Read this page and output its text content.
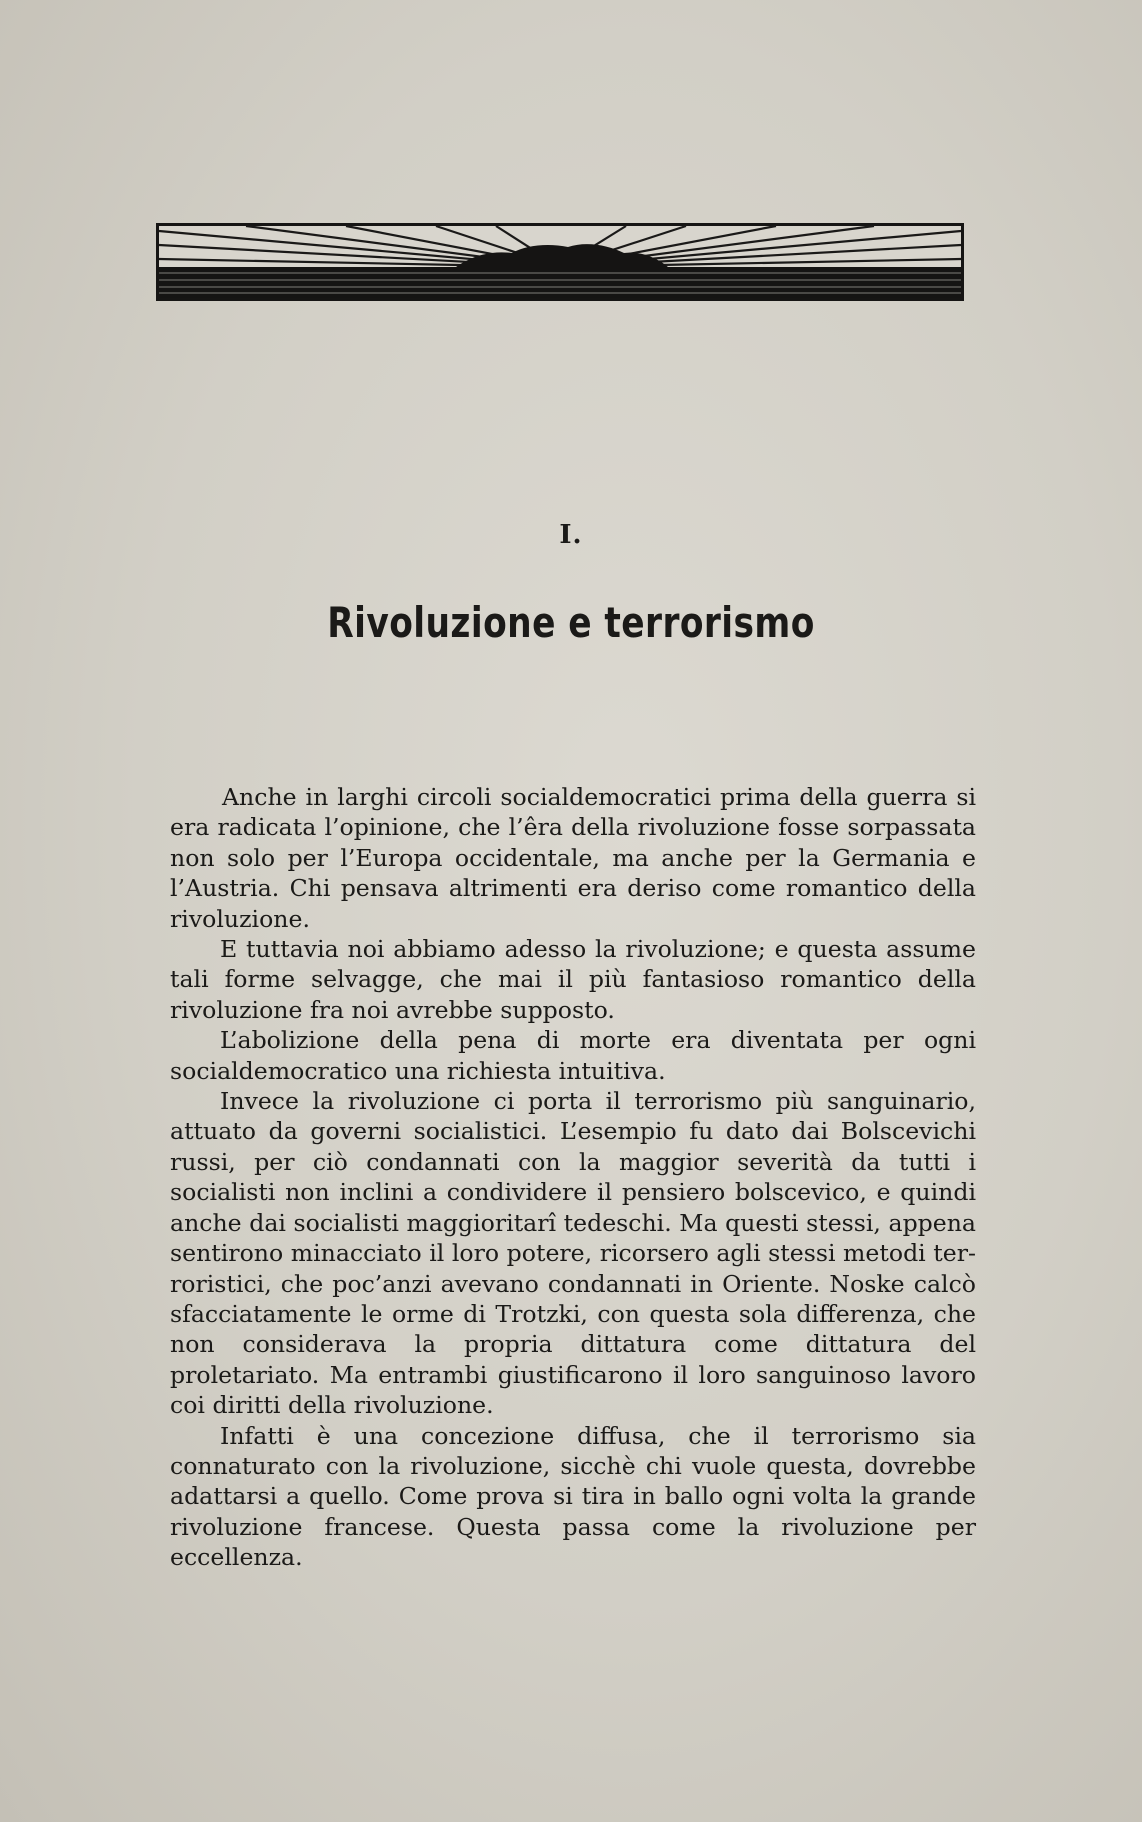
I.
Rivoluzione e terrorismo

Anche in larghi circoli socialdemocratici prima della guerra si era radicata l’opinione, che l’êra della rivoluzione fosse sorpassata non solo per l’Europa occidentale, ma anche per la Germania e l’Austria. Chi pensava altrimenti era deriso come romantico della rivoluzione.

E tuttavia noi abbiamo adesso la rivoluzione; e questa assume tali forme selvagge, che mai il più fantasioso romantico della rivoluzione fra noi avrebbe supposto.

L’abolizione della pena di morte era diventata per ogni socialdemocratico una richiesta intuitiva.

Invece la rivoluzione ci porta il terrorismo più sanguinario, attuato da governi socialistici. L’esempio fu dato dai Bolscevichi russi, per ciò condannati con la maggior severità da tutti i socialisti non inclini a condividere il pensiero bolscevico, e quindi anche dai socialisti maggioritarî tedeschi. Ma questi stessi, appena sentirono minacciato il loro potere, ricorsero agli stessi metodi terroristici, che poc’anzi avevano condannati in Oriente. Noske calcò sfacciatamente le orme di Trotzki, con questa sola differenza, che non considerava la propria dittatura come dittatura del proletariato. Ma entrambi giustificarono il loro sanguinoso lavoro coi diritti della rivoluzione.

Infatti è una concezione diffusa, che il terrorismo sia connaturato con la rivoluzione, sicchè chi vuole questa, dovrebbe adattarsi a quello. Come prova si tira in ballo ogni volta la grande rivoluzione francese. Questa passa come la rivoluzione per eccellenza.
